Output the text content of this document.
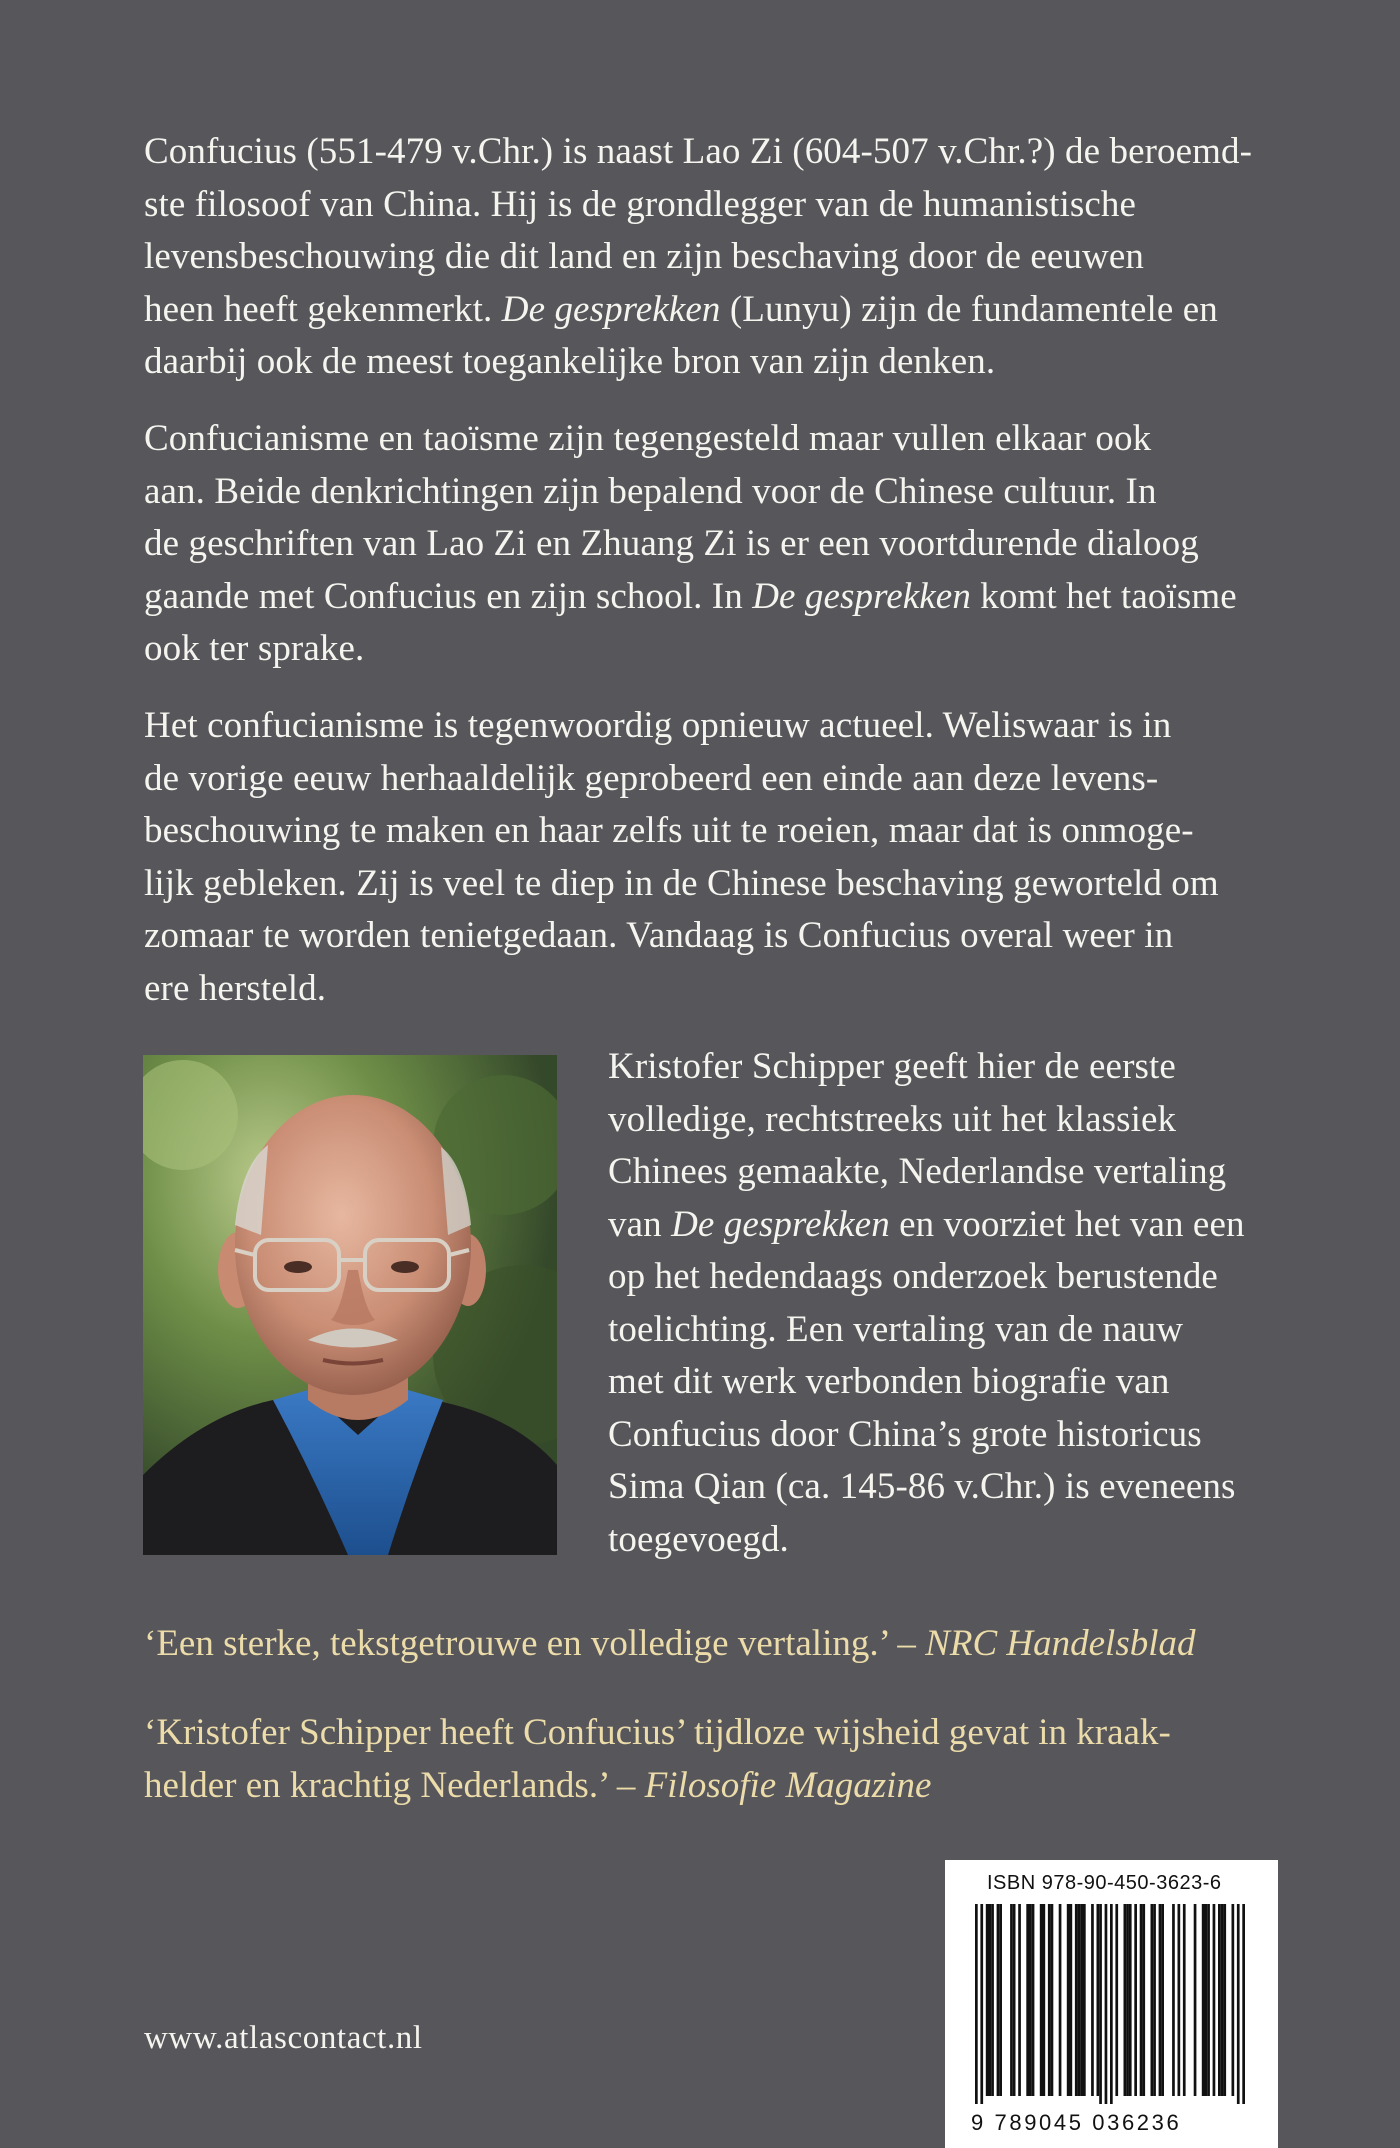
Confucius (551-479 v.Chr.) is naast Lao Zi (604-507 v.Chr.?) de beroemd-
ste filosoof van China. Hij is de grondlegger van de humanistische
levensbeschouwing die dit land en zijn beschaving door de eeuwen
heen heeft gekenmerkt. De gesprekken (Lunyu) zijn de fundamentele en
daarbij ook de meest toegankelijke bron van zijn denken.

Confucianisme en taoïsme zijn tegengesteld maar vullen elkaar ook
aan. Beide denkrichtingen zijn bepalend voor de Chinese cultuur. In
de geschriften van Lao Zi en Zhuang Zi is er een voortdurende dialoog
gaande met Confucius en zijn school. In De gesprekken komt het taoïsme
ook ter sprake.

Het confucianisme is tegenwoordig opnieuw actueel. Weliswaar is in
de vorige eeuw herhaaldelijk geprobeerd een einde aan deze levens-
beschouwing te maken en haar zelfs uit te roeien, maar dat is onmoge-
lijk gebleken. Zij is veel te diep in de Chinese beschaving geworteld om
zomaar te worden tenietgedaan. Vandaag is Confucius overal weer in
ere hersteld.

Kristofer Schipper geeft hier de eerste
volledige, rechtstreeks uit het klassiek
Chinees gemaakte, Nederlandse vertaling
van De gesprekken en voorziet het van een
op het hedendaags onderzoek berustende
toelichting. Een vertaling van de nauw
met dit werk verbonden biografie van
Confucius door China’s grote historicus
Sima Qian (ca. 145-86 v.Chr.) is eveneens
toegevoegd.

‘Een sterke, tekstgetrouwe en volledige vertaling.’ – NRC Handelsblad

‘Kristofer Schipper heeft Confucius’ tijdloze wijsheid gevat in kraak-
helder en krachtig Nederlands.’ – Filosofie Magazine

www.atlascontact.nl
ISBN 978-90-450-3623-6
9 789045 036236
